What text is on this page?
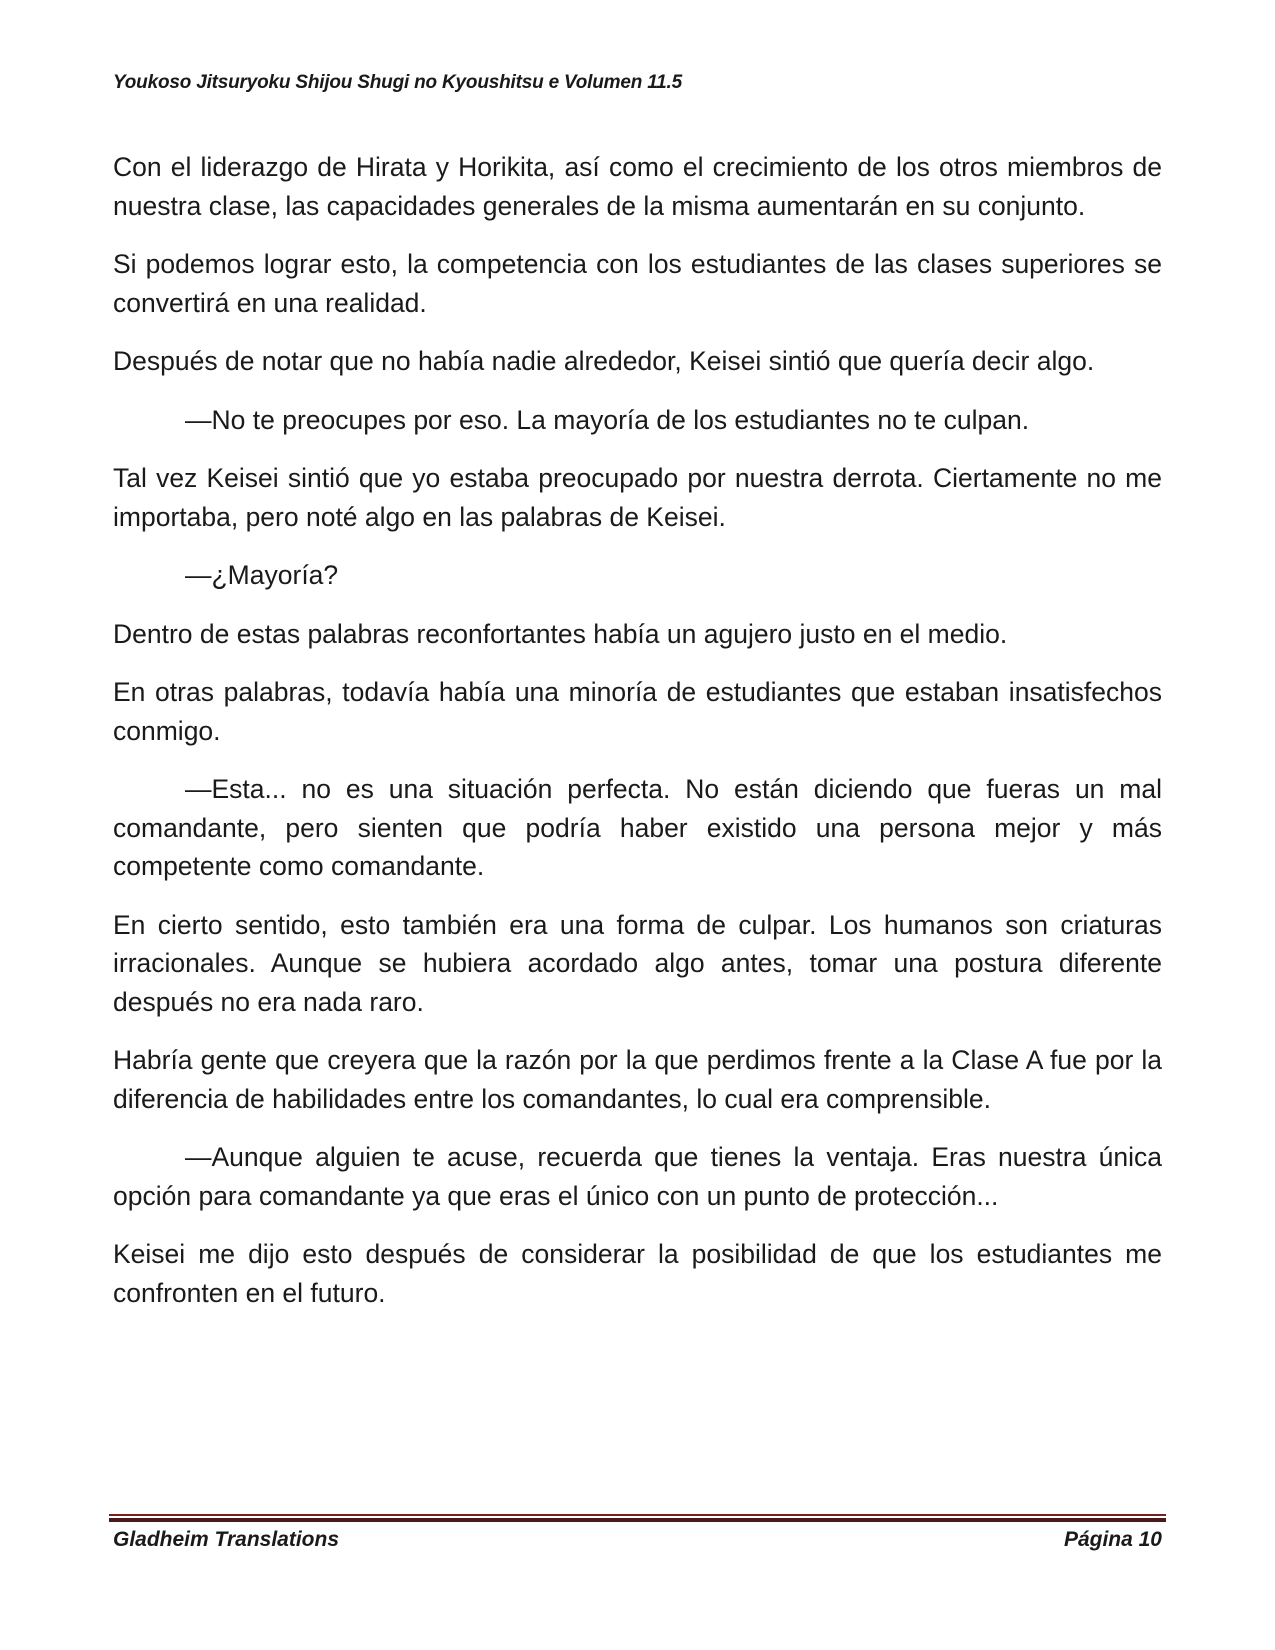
Youkoso Jitsuryoku Shijou Shugi no Kyoushitsu e Volumen 11.5

Con el liderazgo de Hirata y Horikita, así como el crecimiento de los otros miembros de nuestra clase, las capacidades generales de la misma aumentarán en su conjunto.

Si podemos lograr esto, la competencia con los estudiantes de las clases superiores se convertirá en una realidad.

Después de notar que no había nadie alrededor, Keisei sintió que quería decir algo.

—No te preocupes por eso. La mayoría de los estudiantes no te culpan.

Tal vez Keisei sintió que yo estaba preocupado por nuestra derrota. Ciertamente no me importaba, pero noté algo en las palabras de Keisei.

—¿Mayoría?

Dentro de estas palabras reconfortantes había un agujero justo en el medio.

En otras palabras, todavía había una minoría de estudiantes que estaban insatisfechos conmigo.

—Esta... no es una situación perfecta. No están diciendo que fueras un mal comandante, pero sienten que podría haber existido una persona mejor y más competente como comandante.

En cierto sentido, esto también era una forma de culpar. Los humanos son criaturas irracionales. Aunque se hubiera acordado algo antes, tomar una postura diferente después no era nada raro.

Habría gente que creyera que la razón por la que perdimos frente a la Clase A fue por la diferencia de habilidades entre los comandantes, lo cual era comprensible.

—Aunque alguien te acuse, recuerda que tienes la ventaja. Eras nuestra única opción para comandante ya que eras el único con un punto de protección...

Keisei me dijo esto después de considerar la posibilidad de que los estudiantes me confronten en el futuro.

Gladheim Translations	Página 10
